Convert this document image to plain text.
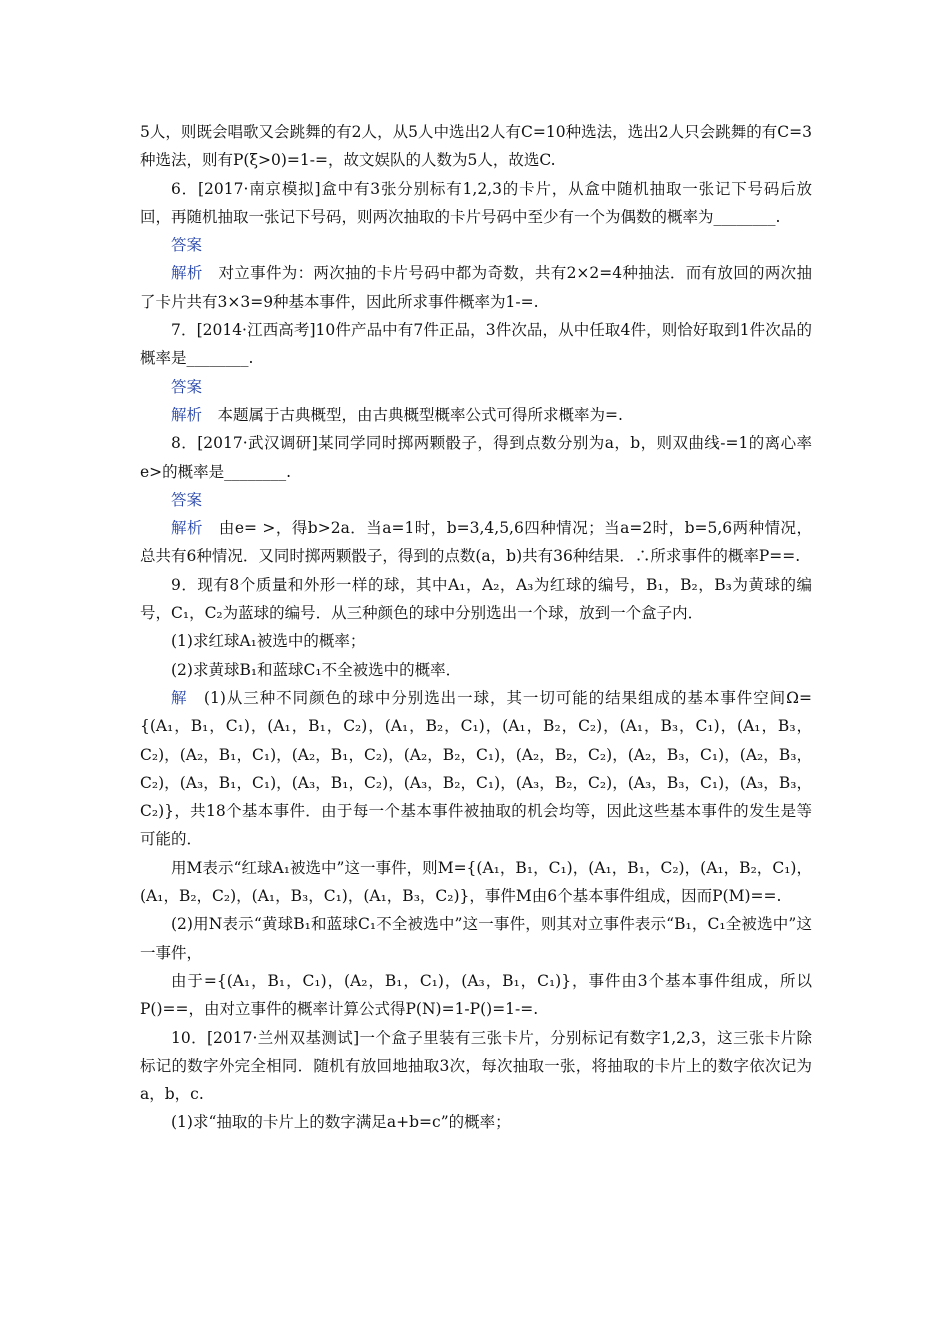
5人，则既会唱歌又会跳舞的有2人，从5人中选出2人有C=10种选法，选出2人只会跳舞的有C=3种选法，则有P(ξ>0)=1-=，故文娱队的人数为5人，故选C.

6．[2017·南京模拟]盒中有3张分别标有1,2,3的卡片，从盒中随机抽取一张记下号码后放回，再随机抽取一张记下号码，则两次抽取的卡片号码中至少有一个为偶数的概率为________.

答案

解析　 对立事件为：两次抽的卡片号码中都为奇数，共有2×2=4种抽法．而有放回的两次抽了卡片共有3×3=9种基本事件，因此所求事件概率为1-=.

7．[2014·江西高考]10件产品中有7件正品，3件次品，从中任取4件，则恰好取到1件次品的概率是________.

答案

解析　 本题属于古典概型，由古典概型概率公式可得所求概率为=.

8．[2017·武汉调研]某同学同时掷两颗骰子，得到点数分别为a，b，则双曲线-=1的离心率e>的概率是________.

答案

解析　 由e= >，得b>2a．当a=1时，b=3,4,5,6四种情况；当a=2时，b=5,6两种情况，总共有6种情况．又同时掷两颗骰子，得到的点数(a，b)共有36种结果．∴所求事件的概率P==.

9．现有8个质量和外形一样的球，其中A₁，A₂，A₃为红球的编号，B₁，B₂，B₃为黄球的编号，C₁，C₂为蓝球的编号．从三种颜色的球中分别选出一个球，放到一个盒子内．

(1)求红球A₁被选中的概率；

(2)求黄球B₁和蓝球C₁不全被选中的概率．

解　 (1)从三种不同颜色的球中分别选出一球，其一切可能的结果组成的基本事件空间Ω={(A₁，B₁，C₁)，(A₁，B₁，C₂)，(A₁，B₂，C₁)，(A₁，B₂，C₂)，(A₁，B₃，C₁)，(A₁，B₃，C₂)，(A₂，B₁，C₁)，(A₂，B₁，C₂)，(A₂，B₂，C₁)，(A₂，B₂，C₂)，(A₂，B₃，C₁)，(A₂，B₃，C₂)，(A₃，B₁，C₁)，(A₃，B₁，C₂)，(A₃，B₂，C₁)，(A₃，B₂，C₂)，(A₃，B₃，C₁)，(A₃，B₃，C₂)}，共18个基本事件．由于每一个基本事件被抽取的机会均等，因此这些基本事件的发生是等可能的．

用M表示“红球A₁被选中”这一事件，则M={(A₁，B₁，C₁)，(A₁，B₁，C₂)，(A₁，B₂，C₁)，(A₁，B₂，C₂)，(A₁，B₃，C₁)，(A₁，B₃，C₂)}，事件M由6个基本事件组成，因而P(M)==.

(2)用N表示“黄球B₁和蓝球C₁不全被选中”这一事件，则其对立事件表示“B₁，C₁全被选中”这一事件，

由于={(A₁，B₁，C₁)，(A₂，B₁，C₁)，(A₃，B₁，C₁)}，事件由3个基本事件组成，所以P()==，由对立事件的概率计算公式得P(N)=1-P()=1-=.

10．[2017·兰州双基测试]一个盒子里装有三张卡片，分别标记有数字1,2,3，这三张卡片除标记的数字外完全相同．随机有放回地抽取3次，每次抽取一张，将抽取的卡片上的数字依次记为a，b，c.

(1)求“抽取的卡片上的数字满足a+b=c”的概率；
